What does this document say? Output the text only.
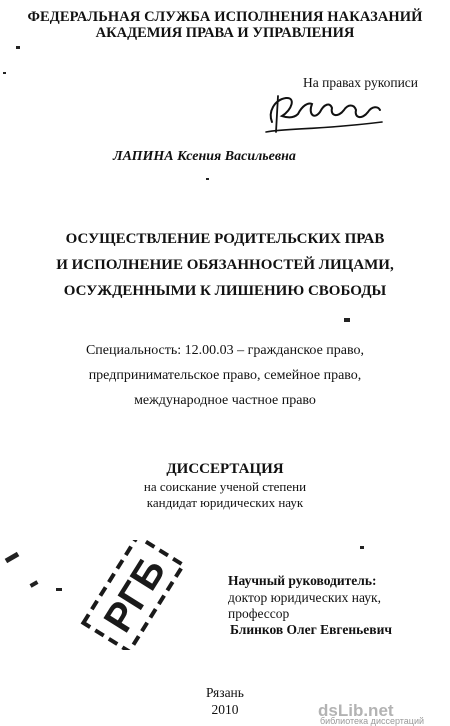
ФЕДЕРАЛЬНАЯ СЛУЖБА ИСПОЛНЕНИЯ НАКАЗАНИЙ
АКАДЕМИЯ ПРАВА И УПРАВЛЕНИЯ
На правах рукописи
ЛАПИНА Ксения Васильевна
ОСУЩЕСТВЛЕНИЕ РОДИТЕЛЬСКИХ ПРАВ
И ИСПОЛНЕНИЕ ОБЯЗАННОСТЕЙ ЛИЦАМИ,
ОСУЖДЕННЫМИ К ЛИШЕНИЮ СВОБОДЫ
Специальность: 12.00.03 – гражданское право,
предпринимательское право, семейное право,
международное частное право
ДИССЕРТАЦИЯ
на соискание ученой степени
кандидат юридических наук
Научный руководитель:
доктор юридических наук,
профессор
Блинков Олег Евгеньевич
Рязань
2010
РГБ
dsLib.net
библиотека диссертаций
